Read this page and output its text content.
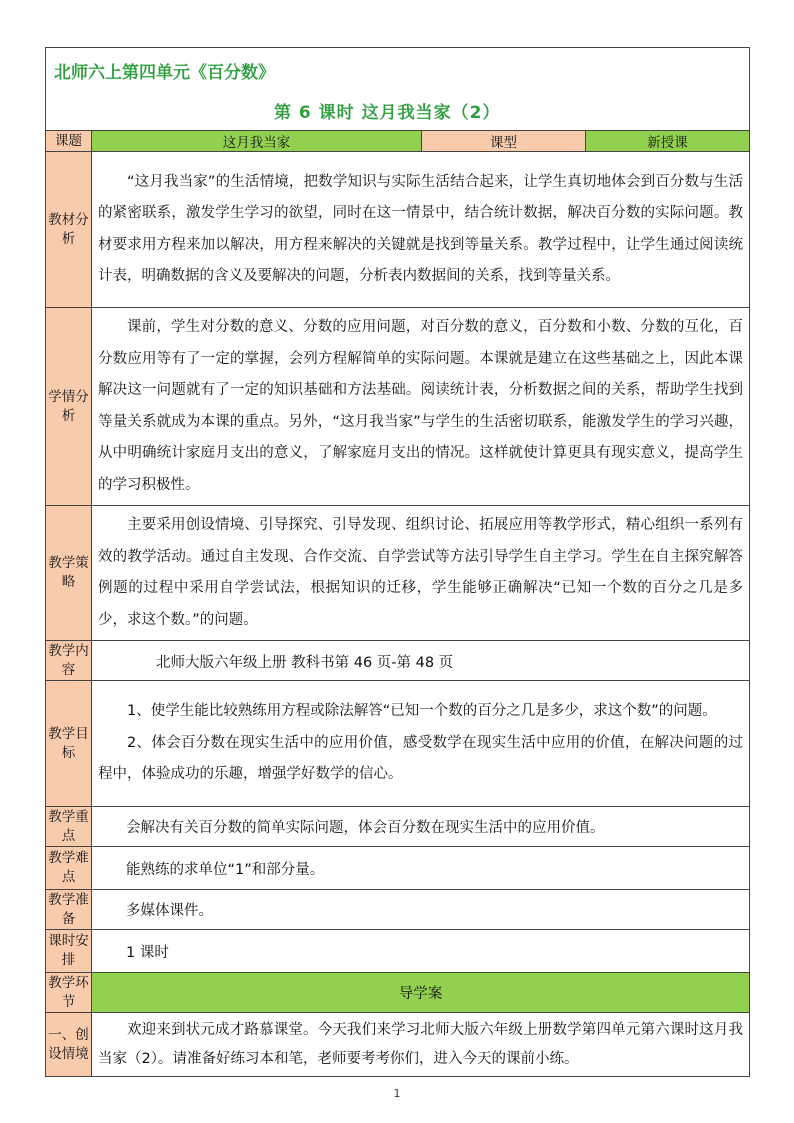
北师六上第四单元《百分数》
第 6 课时 这月我当家（2）			

课题	这月我当家	课型	新授课
教材分析	“这月我当家”的生活情境，把数学知识与实际生活结合起来，让学生真切地体会到百分数与生活的紧密联系，激发学生学习的欲望，同时在这一情景中，结合统计数据，解决百分数的实际问题。教材要求用方程来加以解决，用方程来解决的关键就是找到等量关系。教学过程中，让学生通过阅读统计表，明确数据的含义及要解决的问题，分析表内数据间的关系，找到等量关系。		

学情分析	课前，学生对分数的意义、分数的应用问题，对百分数的意义，百分数和小数、分数的互化，百分数应用等有了一定的掌握，会列方程解简单的实际问题。本课就是建立在这些基础之上，因此本课解决这一问题就有了一定的知识基础和方法基础。阅读统计表，分析数据之间的关系，帮助学生找到等量关系就成为本课的重点。另外，“这月我当家”与学生的生活密切联系，能激发学生的学习兴趣，从中明确统计家庭月支出的意义，了解家庭月支出的情况。这样就使计算更具有现实意义，提高学生的学习积极性。		

教学策略	主要采用创设情境、引导探究、引导发现、组织讨论、拓展应用等教学形式，精心组织一系列有效的教学活动。通过自主发现、合作交流、自学尝试等方法引导学生自主学习。学生在自主探究解答例题的过程中采用自学尝试法，根据知识的迁移，学生能够正确解决“已知一个数的百分之几是多少，求这个数。”的问题。		

教学内容	北师大版六年级上册 教科书第 46 页-第 48 页		
教学目标	1、使学生能比较熟练用方程或除法解答“已知一个数的百分之几是多少，求这个数”的问题。

2、体会百分数在现实生活中的应用价值，感受数学在现实生活中应用的价值，在解决问题的过程中，体验成功的乐趣，增强学好数学的信心。		

教学重点	会解决有关百分数的简单实际问题，体会百分数在现实生活中的应用价值。		
教学难点	能熟练的求单位“1”和部分量。		
教学准备	多媒体课件。		
课时安排	1 课时		
教学环节	导学案		
一、创设情境	欢迎来到状元成才路慕课堂。今天我们来学习北师大版六年级上册数学第四单元第六课时这月我当家（2）。请准备好练习本和笔，老师要考考你们，进入今天的课前小练。		

1
